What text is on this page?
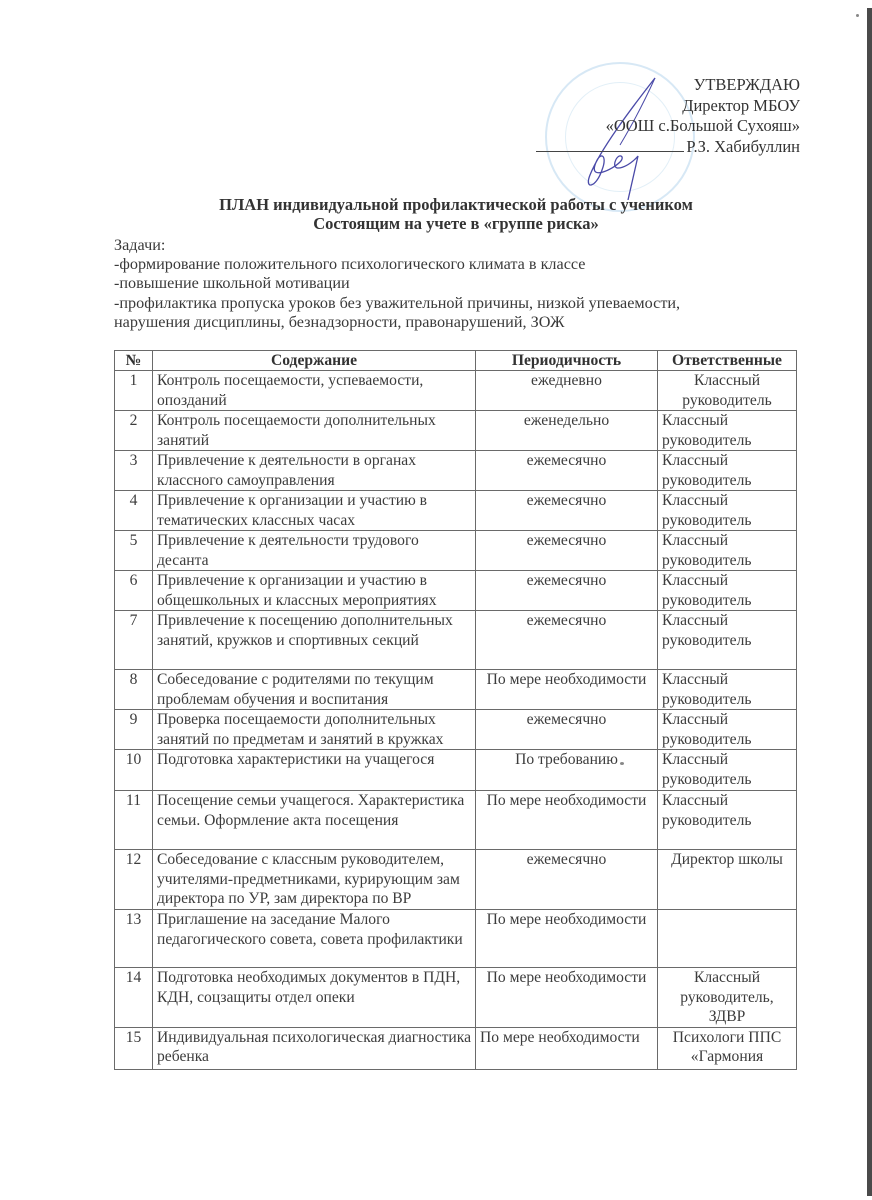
УТВЕРЖДАЮ
Директор МБОУ
«ООШ с.Большой Сухояш»
Р.З. Хабибуллин
ПЛАН индивидуальной профилактической работы с учеником
Состоящим на учете в «группе риска»
Задачи:
-формирование положительного психологического климата в классе
-повышение школьной мотивации
-профилактика пропуска уроков без уважительной причины, низкой упеваемости,
нарушения дисциплины, безнадзорности, правонарушений, ЗОЖ
№	Содержание	Периодичность	Ответственные
1	Контроль посещаемости, успеваемости, опозданий	ежедневно	Классный руководитель
2	Контроль посещаемости дополнительных занятий	еженедельно	Классный руководитель
3	Привлечение к деятельности в органах классного самоуправления	ежемесячно	Классный руководитель
4	Привлечение к организации и участию в тематических классных часах	ежемесячно	Классный руководитель
5	Привлечение к деятельности трудового десанта	ежемесячно	Классный руководитель
6	Привлечение к организации и участию в общешкольных и классных мероприятиях	ежемесячно	Классный руководитель
7	Привлечение к посещению дополнительных занятий, кружков и спортивных секций	ежемесячно	Классный руководитель
8	Собеседование с родителями по текущим проблемам обучения и воспитания	По мере необходимости	Классный руководитель
9	Проверка посещаемости дополнительных занятий по предметам и занятий в кружках	ежемесячно	Классный руководитель
10	Подготовка характеристики на учащегося	По требованию	Классный руководитель
11	Посещение семьи учащегося. Характеристика семьи. Оформление акта посещения	По мере необходимости	Классный руководитель
12	Собеседование с классным руководителем, учителями-предметниками, курирующим зам директора по УР, зам директора по ВР	ежемесячно	Директор школы
13	Приглашение на заседание Малого педагогического совета, совета профилактики	По мере необходимости	
14	Подготовка необходимых документов в ПДН, КДН, соцзащиты отдел опеки	По мере необходимости	Классный руководитель, ЗДВР
15	Индивидуальная психологическая диагностика ребенка	По мере необходимости	Психологи ППС «Гармония
